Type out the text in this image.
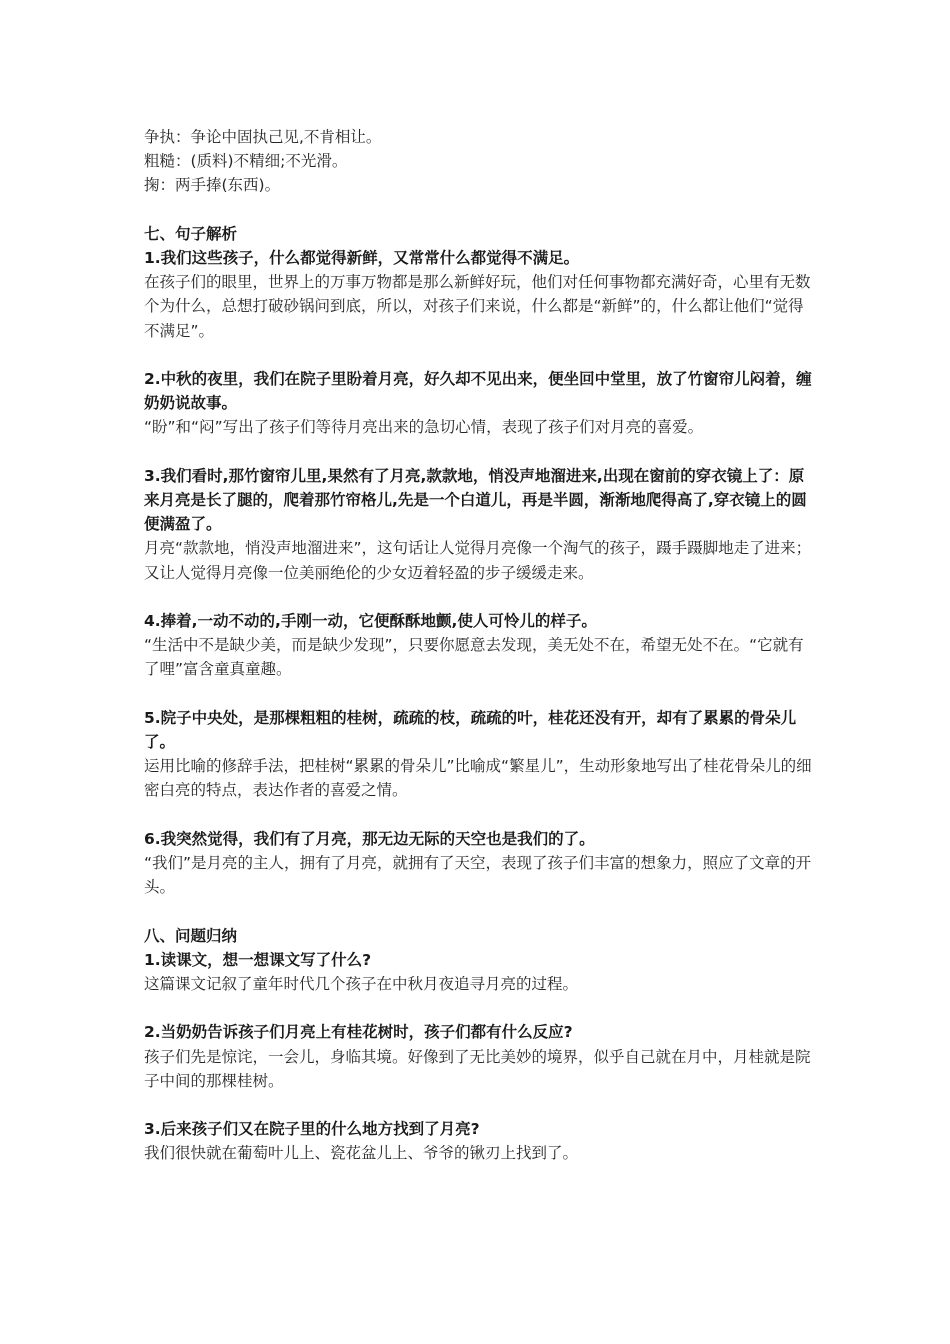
争执：争论中固执己见,不肯相让。

粗糙：(质料)不精细;不光滑。

掬：两手捧(东西)。

七、句子解析

1.我们这些孩子，什么都觉得新鲜，又常常什么都觉得不满足。

在孩子们的眼里，世界上的万事万物都是那么新鲜好玩，他们对任何事物都充满好奇，心里有无数个为什么，总想打破砂锅问到底，所以，对孩子们来说，什么都是“新鲜”的，什么都让他们“觉得不满足”。

2.中秋的夜里，我们在院子里盼着月亮，好久却不见出来，便坐回中堂里，放了竹窗帘儿闷着，缠奶奶说故事。

“盼”和“闷”写出了孩子们等待月亮出来的急切心情，表现了孩子们对月亮的喜爱。

3.我们看时,那竹窗帘儿里,果然有了月亮,款款地，悄没声地溜进来,出现在窗前的穿衣镜上了：原来月亮是长了腿的，爬着那竹帘格儿,先是一个白道儿，再是半圆，渐渐地爬得高了,穿衣镜上的圆便满盈了。

月亮“款款地，悄没声地溜进来”，这句话让人觉得月亮像一个淘气的孩子，蹑手蹑脚地走了进来；又让人觉得月亮像一位美丽绝伦的少女迈着轻盈的步子缓缓走来。

4.捧着,一动不动的,手刚一动，它便酥酥地颤,使人可怜儿的样子。

“生活中不是缺少美，而是缺少发现”，只要你愿意去发现，美无处不在，希望无处不在。“它就有了哩”富含童真童趣。

5.院子中央处，是那棵粗粗的桂树，疏疏的枝，疏疏的叶，桂花还没有开，却有了累累的骨朵儿了。

运用比喻的修辞手法，把桂树“累累的骨朵儿”比喻成“繁星儿”，生动形象地写出了桂花骨朵儿的细密白亮的特点，表达作者的喜爱之情。

6.我突然觉得，我们有了月亮，那无边无际的天空也是我们的了。

“我们”是月亮的主人，拥有了月亮，就拥有了天空，表现了孩子们丰富的想象力，照应了文章的开头。

八、问题归纳

1.读课文，想一想课文写了什么?

这篇课文记叙了童年时代几个孩子在中秋月夜追寻月亮的过程。

2.当奶奶告诉孩子们月亮上有桂花树时，孩子们都有什么反应?

孩子们先是惊诧，一会儿，身临其境。好像到了无比美妙的境界，似乎自己就在月中，月桂就是院子中间的那棵桂树。

3.后来孩子们又在院子里的什么地方找到了月亮?

我们很快就在葡萄叶儿上、瓷花盆儿上、爷爷的锹刃上找到了。
